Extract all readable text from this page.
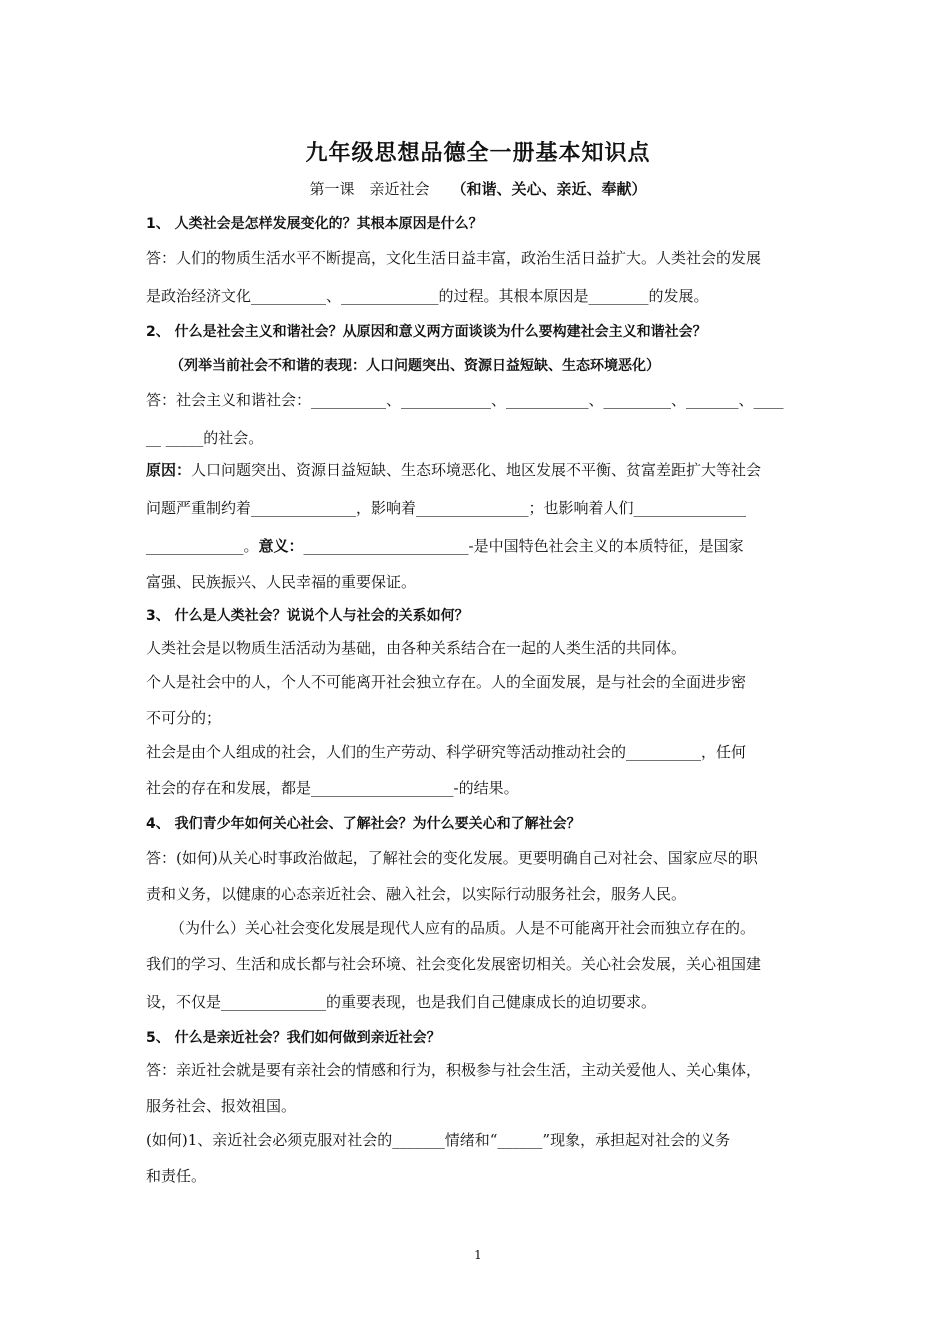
九年级思想品德全一册基本知识点
第一课　亲近社会 （和谐、关心、亲近、奉献）
1、 人类社会是怎样发展变化的？其根本原因是什么？
答：人们的物质生活水平不断提高，文化生活日益丰富，政治生活日益扩大。人类社会的发展
是政治经济文化__________、_____________的过程。其根本原因是________的发展。
2、 什么是社会主义和谐社会？从原因和意义两方面谈谈为什么要构建社会主义和谐社会？
（列举当前社会不和谐的表现：人口问题突出、资源日益短缺、生态环境恶化）
答：社会主义和谐社会：__________、____________、___________、_________、_______、____
__ _____的社会。
原因：人口问题突出、资源日益短缺、生态环境恶化、地区发展不平衡、贫富差距扩大等社会
问题严重制约着______________，影响着_______________；也影响着人们_______________
_____________。意义：______________________-是中国特色社会主义的本质特征，是国家
富强、民族振兴、人民幸福的重要保证。
3、 什么是人类社会？说说个人与社会的关系如何？
人类社会是以物质生活活动为基础，由各种关系结合在一起的人类生活的共同体。
个人是社会中的人，个人不可能离开社会独立存在。人的全面发展，是与社会的全面进步密
不可分的；
社会是由个人组成的社会，人们的生产劳动、科学研究等活动推动社会的__________，任何
社会的存在和发展，都是___________________-的结果。
4、 我们青少年如何关心社会、了解社会？为什么要关心和了解社会？
答：(如何)从关心时事政治做起，了解社会的变化发展。更要明确自己对社会、国家应尽的职
责和义务，以健康的心态亲近社会、融入社会，以实际行动服务社会，服务人民。
（为什么）关心社会变化发展是现代人应有的品质。人是不可能离开社会而独立存在的。
我们的学习、生活和成长都与社会环境、社会变化发展密切相关。关心社会发展，关心祖国建
设，不仅是______________的重要表现，也是我们自己健康成长的迫切要求。
5、 什么是亲近社会？我们如何做到亲近社会？
答：亲近社会就是要有亲社会的情感和行为，积极参与社会生活，主动关爱他人、关心集体，
服务社会、报效祖国。
(如何)1、亲近社会必须克服对社会的_______情绪和“______”现象，承担起对社会的义务
和责任。
1
